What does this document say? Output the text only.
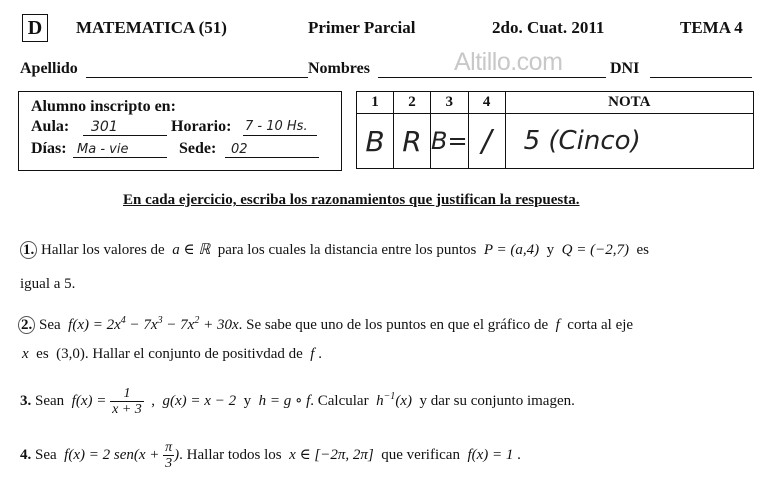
D	MATEMATICA (51)	Primer Parcial	2do. Cuat. 2011	TEMA 4
Apellido	Nombres	Altillo.com	DNI
Alumno inscripto en:
Aula: 301	Horario: 7 - 10 Hs.
Días: Ma - vie	Sede: 02
1	2	3	4	NOTA
B	R	B=	/	5 (Cinco)
En cada ejercicio, escriba los razonamientos que justifican la respuesta.
1. Hallar los valores de a ∈ ℝ para los cuales la distancia entre los puntos P = (a,4) y Q = (−2,7) es
igual a 5.
2. Sea $f(x) = 2x^4 - 7x^3 - 7x^2 + 30x$. Se sabe que uno de los puntos en que el gráfico de f corta al eje
x es (3,0). Hallar el conjunto de positivdad de f .
3. Sean $f(x) = \frac{1}{x + 3}$ , g(x) = x − 2 y h = g ∘ f. Calcular $h^{-1}(x)$ y dar su conjunto imagen.
4. Sea f(x) = 2 $sen(x + \frac{\pi}{3}$ ). Hallar todos los x ∈ [−2π, 2π] que verifican f(x) = 1 .
